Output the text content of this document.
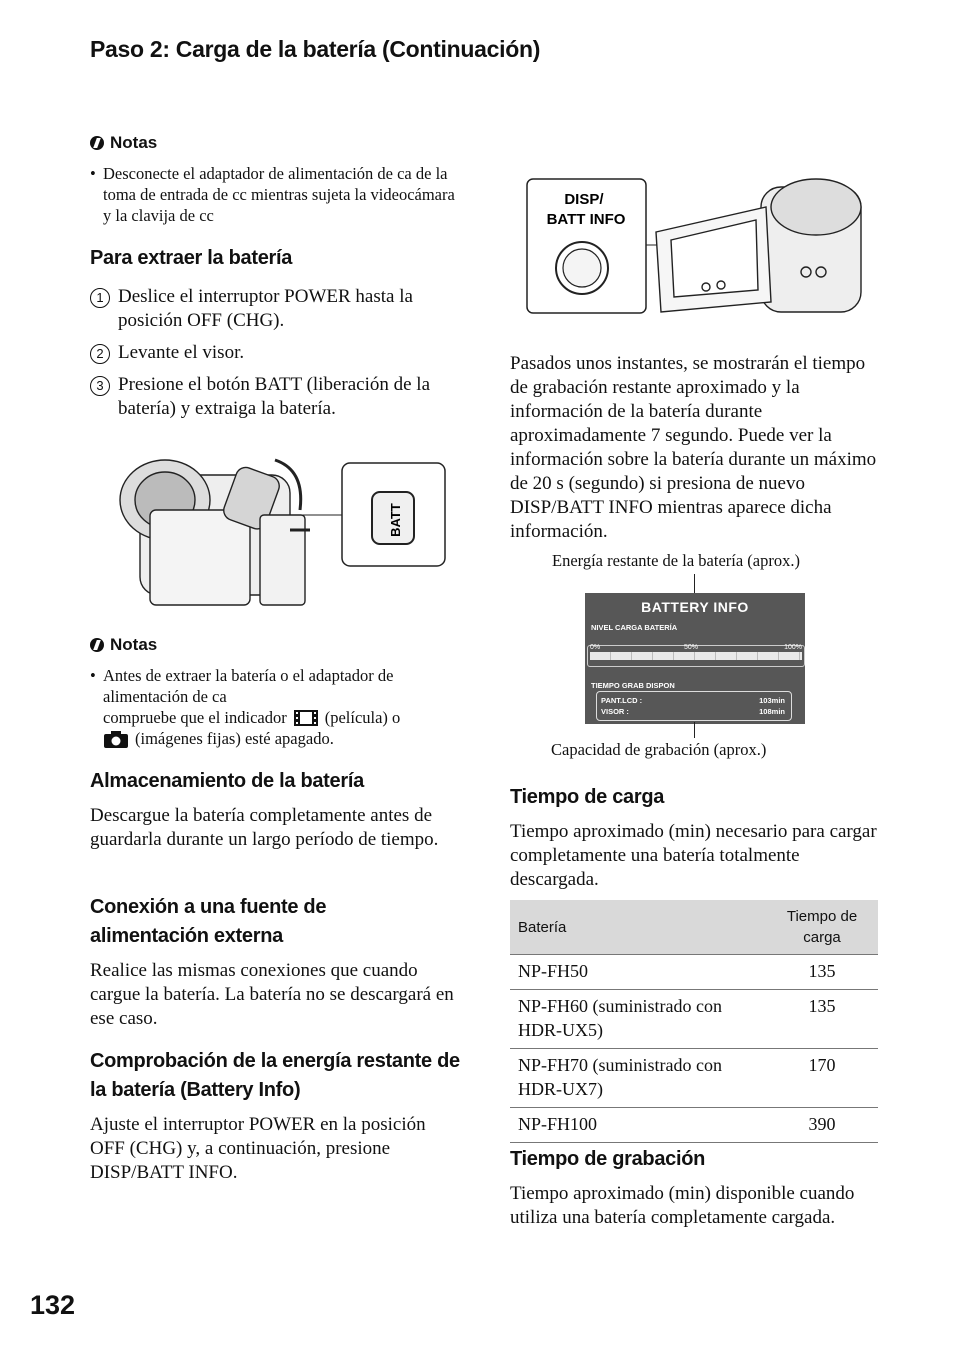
Paso 2: Carga de la batería (Continuación)
Notas
• Desconecte el adaptador de alimentación de ca de la toma de entrada de cc mientras sujeta la videocámara y la clavija de cc
Para extraer la batería
1 Deslice el interruptor POWER hasta la posición OFF (CHG).
2 Levante el visor.
3 Presione el botón BATT (liberación de la batería) y extraiga la batería.
BATT
Notas
• Antes de extraer la batería o el adaptador de alimentación de ca
compruebe que el indicador (película) o
(imágenes fijas) esté apagado.
Almacenamiento de la batería
Descargue la batería completamente antes de guardarla durante un largo período de tiempo.
Conexión a una fuente de alimentación externa
Realice las mismas conexiones que cuando cargue la batería. La batería no se descargará en ese caso.
Comprobación de la energía restante de la batería (Battery Info)
Ajuste el interruptor POWER en la posición OFF (CHG) y, a continuación, presione DISP/BATT INFO.
DISP/ BATT INFO
Pasados unos instantes, se mostrarán el tiempo de grabación restante aproximado y la información de la batería durante aproximadamente 7 segundo. Puede ver la información sobre la batería durante un máximo de 20 s (segundo) si presiona de nuevo DISP/BATT INFO mientras aparece dicha información.
Energía restante de la batería (aprox.)
BATTERY INFO
NIVEL CARGA BATERÍA
0%	50%	100%
TIEMPO GRAB DISPON
PANT.LCD :	103min
VISOR :	108min
Capacidad de grabación (aprox.)
Tiempo de carga
Tiempo aproximado (min) necesario para cargar completamente una batería totalmente descargada.
Batería	Tiempo de carga
NP-FH50	135
NP-FH60 (suministrado con HDR-UX5)	135
NP-FH70 (suministrado con HDR-UX7)	170
NP-FH100	390
Tiempo de grabación
Tiempo aproximado (min) disponible cuando utiliza una batería completamente cargada.
132
